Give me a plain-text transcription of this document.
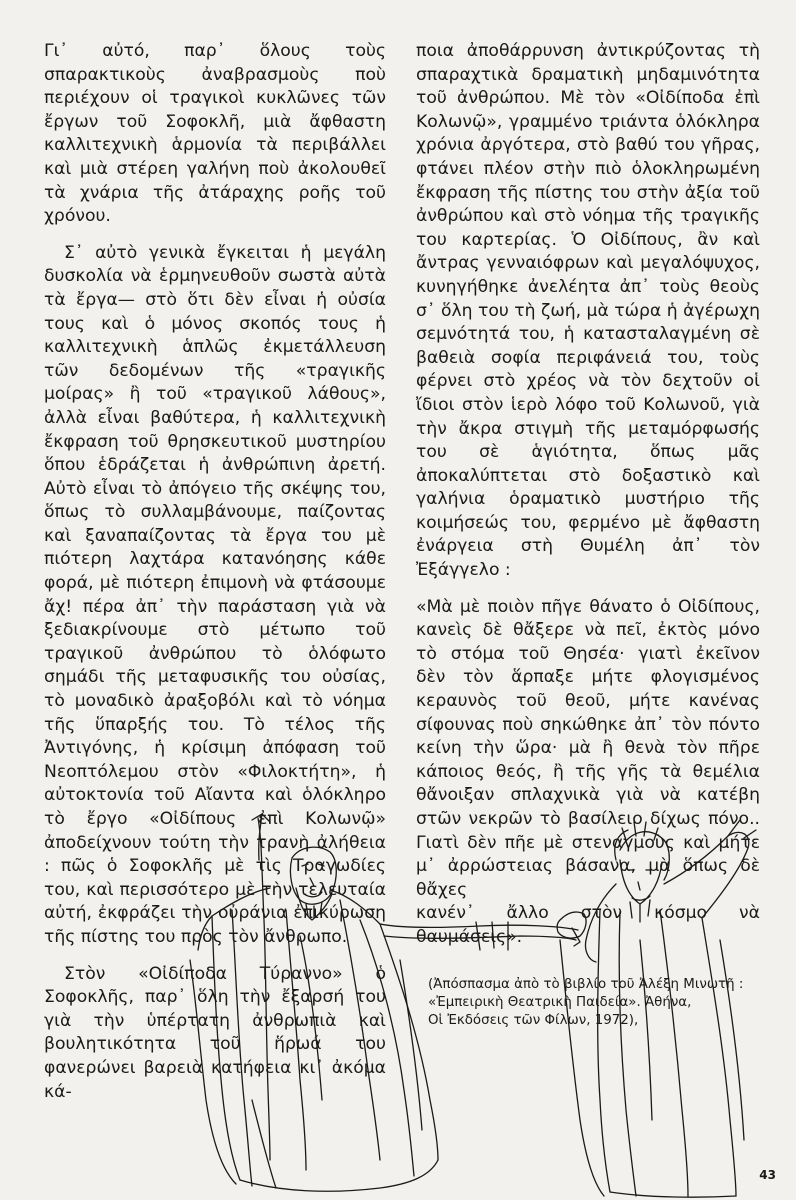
Γι᾿ αὐτό, παρ᾿ ὅλους τοὺς σπαρακτικοὺς ἀναβρασμοὺς ποὺ περιέχουν οἱ τραγικοὶ κυκλῶνες τῶν ἔργων τοῦ Σοφοκλῆ, μιὰ ἄφθαστη καλλιτεχνικὴ ἁρμονία τὰ περιβάλλει καὶ μιὰ στέρεη γαλήνη ποὺ ἀκολουθεῖ τὰ χνάρια τῆς ἀτάραχης ροῆς τοῦ χρόνου.

Σ᾿ αὐτὸ γενικὰ ἔγκειται ἡ μεγάλη δυσκολία νὰ ἑρμηνευθοῦν σωστὰ αὐτὰ τὰ ἔργα— στὸ ὅτι δὲν εἶναι ἡ οὐσία τους καὶ ὁ μόνος σκοπός τους ἡ καλλιτεχνικὴ ἁπλῶς ἐκμετάλλευση τῶν δεδομένων τῆς «τραγικῆς μοίρας» ἢ τοῦ «τραγικοῦ λάθους», ἀλλὰ εἶναι βαθύτερα, ἡ καλλιτεχνικὴ ἔκφραση τοῦ θρησκευτικοῦ μυστηρίου ὅπου ἑδράζεται ἡ ἀνθρώπινη ἀρετή. Αὐτὸ εἶναι τὸ ἀπόγειο τῆς σκέψης του, ὅπως τὸ συλλαμβάνουμε, παίζοντας καὶ ξαναπαίζοντας τὰ ἔργα του μὲ πιότερη λαχτάρα κατανόησης κάθε φορά, μὲ πιότερη ἐπιμονὴ νὰ φτάσουμε ἄχ! πέρα ἀπ᾿ τὴν παράσταση γιὰ νὰ ξεδιακρίνουμε στὸ μέτωπο τοῦ τραγικοῦ ἀνθρώπου τὸ ὁλόφωτο σημάδι τῆς μεταφυσικῆς του οὐσίας, τὸ μοναδικὸ ἀραξοβόλι καὶ τὸ νόημα τῆς ὕπαρξής του. Τὸ τέλος τῆς Ἀντιγόνης, ἡ κρίσιμη ἀπόφαση τοῦ Νεοπτόλεμου στὸν «Φιλοκτήτη», ἡ αὐτοκτονία τοῦ Αἴαντα καὶ ὁλόκληρο τὸ ἔργο «Οἰδίπους ἐπὶ Κολωνῷ» ἀποδείχνουν τούτη τὴν τρανὴ ἀλήθεια : πῶς ὁ Σοφοκλῆς μὲ τὶς Τραγωδίες του, καὶ περισσότερο μὲ τὴν τελευταία αὐτή, ἐκφράζει τὴν οὐράνια ἐπικύρωση τῆς πίστης του πρὸς τὸν ἄνθρωπο.

Στὸν «Οἰδίποδα Τύραννο» ὁ Σοφοκλῆς, παρ᾿ ὅλη τὴν ἔξαρσή του γιὰ τὴν ὑπέρτατη ἀνθρωπιὰ καὶ βουλητικότητα τοῦ ἥρωά του φανερώνει βαρειὰ κατήφεια κι᾿ ἀκόμα κά-

ποια ἀποθάρρυνση ἀντικρύζοντας τὴ σπαραχτικὰ δραματικὴ μηδαμινότητα τοῦ ἀνθρώπου. Μὲ τὸν «Οἰδίποδα ἐπὶ Κολωνῷ», γραμμένο τριάντα ὁλόκληρα χρόνια ἀργότερα, στὸ βαθύ του γῆρας, φτάνει πλέον στὴν πιὸ ὁλοκληρωμένη ἔκφραση τῆς πίστης του στὴν ἀξία τοῦ ἀνθρώπου καὶ στὸ νόημα τῆς τραγικῆς του καρτερίας. Ὁ Οἰδίπους, ἂν καὶ ἄντρας γενναιόφρων καὶ μεγαλόψυχος, κυνηγήθηκε ἀνελέητα ἀπ᾿ τοὺς θεοὺς σ᾿ ὅλη του τὴ ζωή, μὰ τώρα ἡ ἀγέρωχη σεμνότητά του, ἡ κατασταλαγμένη σὲ βαθειὰ σοφία περιφάνειά του, τοὺς φέρνει στὸ χρέος νὰ τὸν δεχτοῦν οἱ ἴδιοι στὸν ἱερὸ λόφο τοῦ Κολωνοῦ, γιὰ τὴν ἄκρα στιγμὴ τῆς μεταμόρφωσής του σὲ ἁγιότητα, ὅπως μᾶς ἀποκαλύπτεται στὸ δοξαστικὸ καὶ γαλήνια ὁραματικὸ μυστήριο τῆς κοιμήσεώς του, φερμένο μὲ ἄφθαστη ἐνάργεια στὴ Θυμέλη ἀπ᾿ τὸν Ἐξάγγελο :

«Μὰ μὲ ποιὸν πῆγε θάνατο ὁ Οἰδίπους,
κανεὶς δὲ θἄξερε νὰ πεῖ, ἐκτὸς μόνο
τὸ στόμα τοῦ Θησέα· γιατὶ ἐκεῖνον
δὲν τὸν ἅρπαξε μήτε φλογισμένος
κεραυνὸς τοῦ θεοῦ, μήτε κανένας
σίφουνας ποὺ σηκώθηκε ἀπ᾿ τὸν πόντο
κείνη τὴν ὥρα· μὰ ἢ θενὰ τὸν πῆρε
κάποιος θεός, ἢ τῆς γῆς τὰ θεμέλια
θἄνοιξαν σπλαχνικὰ γιὰ νὰ κατέβη
στῶν νεκρῶν τὸ βασίλειο δίχως πόνο..
Γιατὶ δὲν πῆε μὲ στεναγμοὺς καὶ μήτε
μ᾿ ἀρρώστειας βάσανα, μὰ ὅπως δὲ θἄχες
κανέν᾿ ἄλλο στὸν κόσμο νὰ θαυμάσεις».
(Ἀπόσπασμα ἀπὸ τὸ βιβλίο τοῦ Ἀλέξη Μινωτῆ :
«Ἐμπειρικὴ Θεατρικὴ Παιδεία». Ἀθήνα,
Οἱ Ἐκδόσεις τῶν Φίλων, 1972),
43
